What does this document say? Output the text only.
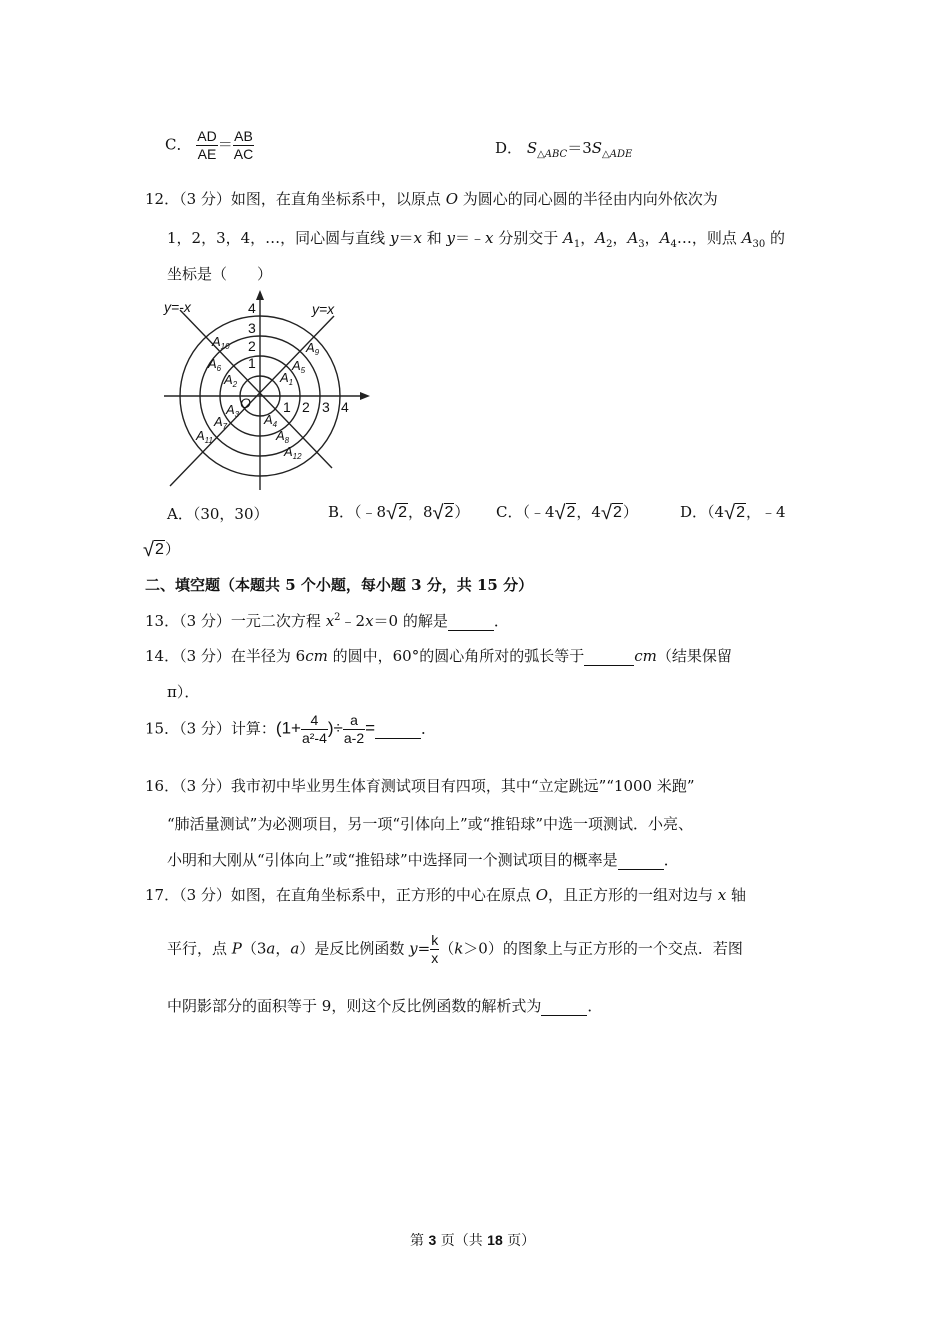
C． $\frac{AD}{AE} = \frac{AB}{AC}$	D． $S_{\triangle ABC}=3S_{\triangle ADE}$
12．（3 分）如图，在直角坐标系中，以原点 O 为圆心的同心圆的半径由内向外依次为
1，2，3，4，…，同心圆与直线 y＝x 和 y＝﹣x 分别交于 $A_1$，$A_2$，$A_3$，$A_4\dots$，则点 $A_{30}$ 的
坐标是（　　）
y=-x	y=x
O
1
2
3
4
1 2 3 4
$A_{10}$
$A_6$
$A_2$
$A_9$
$A_5$
$A_1$
$A_3$
$A_7$
$A_{11}$
$A_4$
$A_8$
$A_{12}$
A．（30，30）	B．（﹣8√2，8√2） C．（﹣4√2，4√2）	D．（4√2，﹣4
√2）
二、填空题（本题共 5 个小题，每小题 3 分，共 15 分）
13．（3 分）一元二次方程 $x^2﹣2x=0$ 的解是	．
14．（3 分）在半径为 6cm 的圆中，60°的圆心角所对的弧长等于	cm（结果保留
π）．
15．（3 分）计算：($1+ \frac{4}{\text{a²-4}}$ )÷ $\frac{a}{a-2}$ =	．
16．（3 分）我市初中毕业男生体育测试项目有四项，其中“立定跳远”“1000 米跑”
“肺活量测试”为必测项目，另一项“引体向上”或“推铅球”中选一项测试．小亮、
小明和大刚从“引体向上”或“推铅球”中选择同一个测试项目的概率是	．
17．（3 分）如图，在直角坐标系中，正方形的中心在原点 O，且正方形的一组对边与 x 轴
平行，点 P（3a，a）是反比例函数 $y= \frac{k}{x} (k>0)$的图象上与正方形的一个交点．若图
中阴影部分的面积等于 9，则这个反比例函数的解析式为	．
第 3 页（共 18 页）
